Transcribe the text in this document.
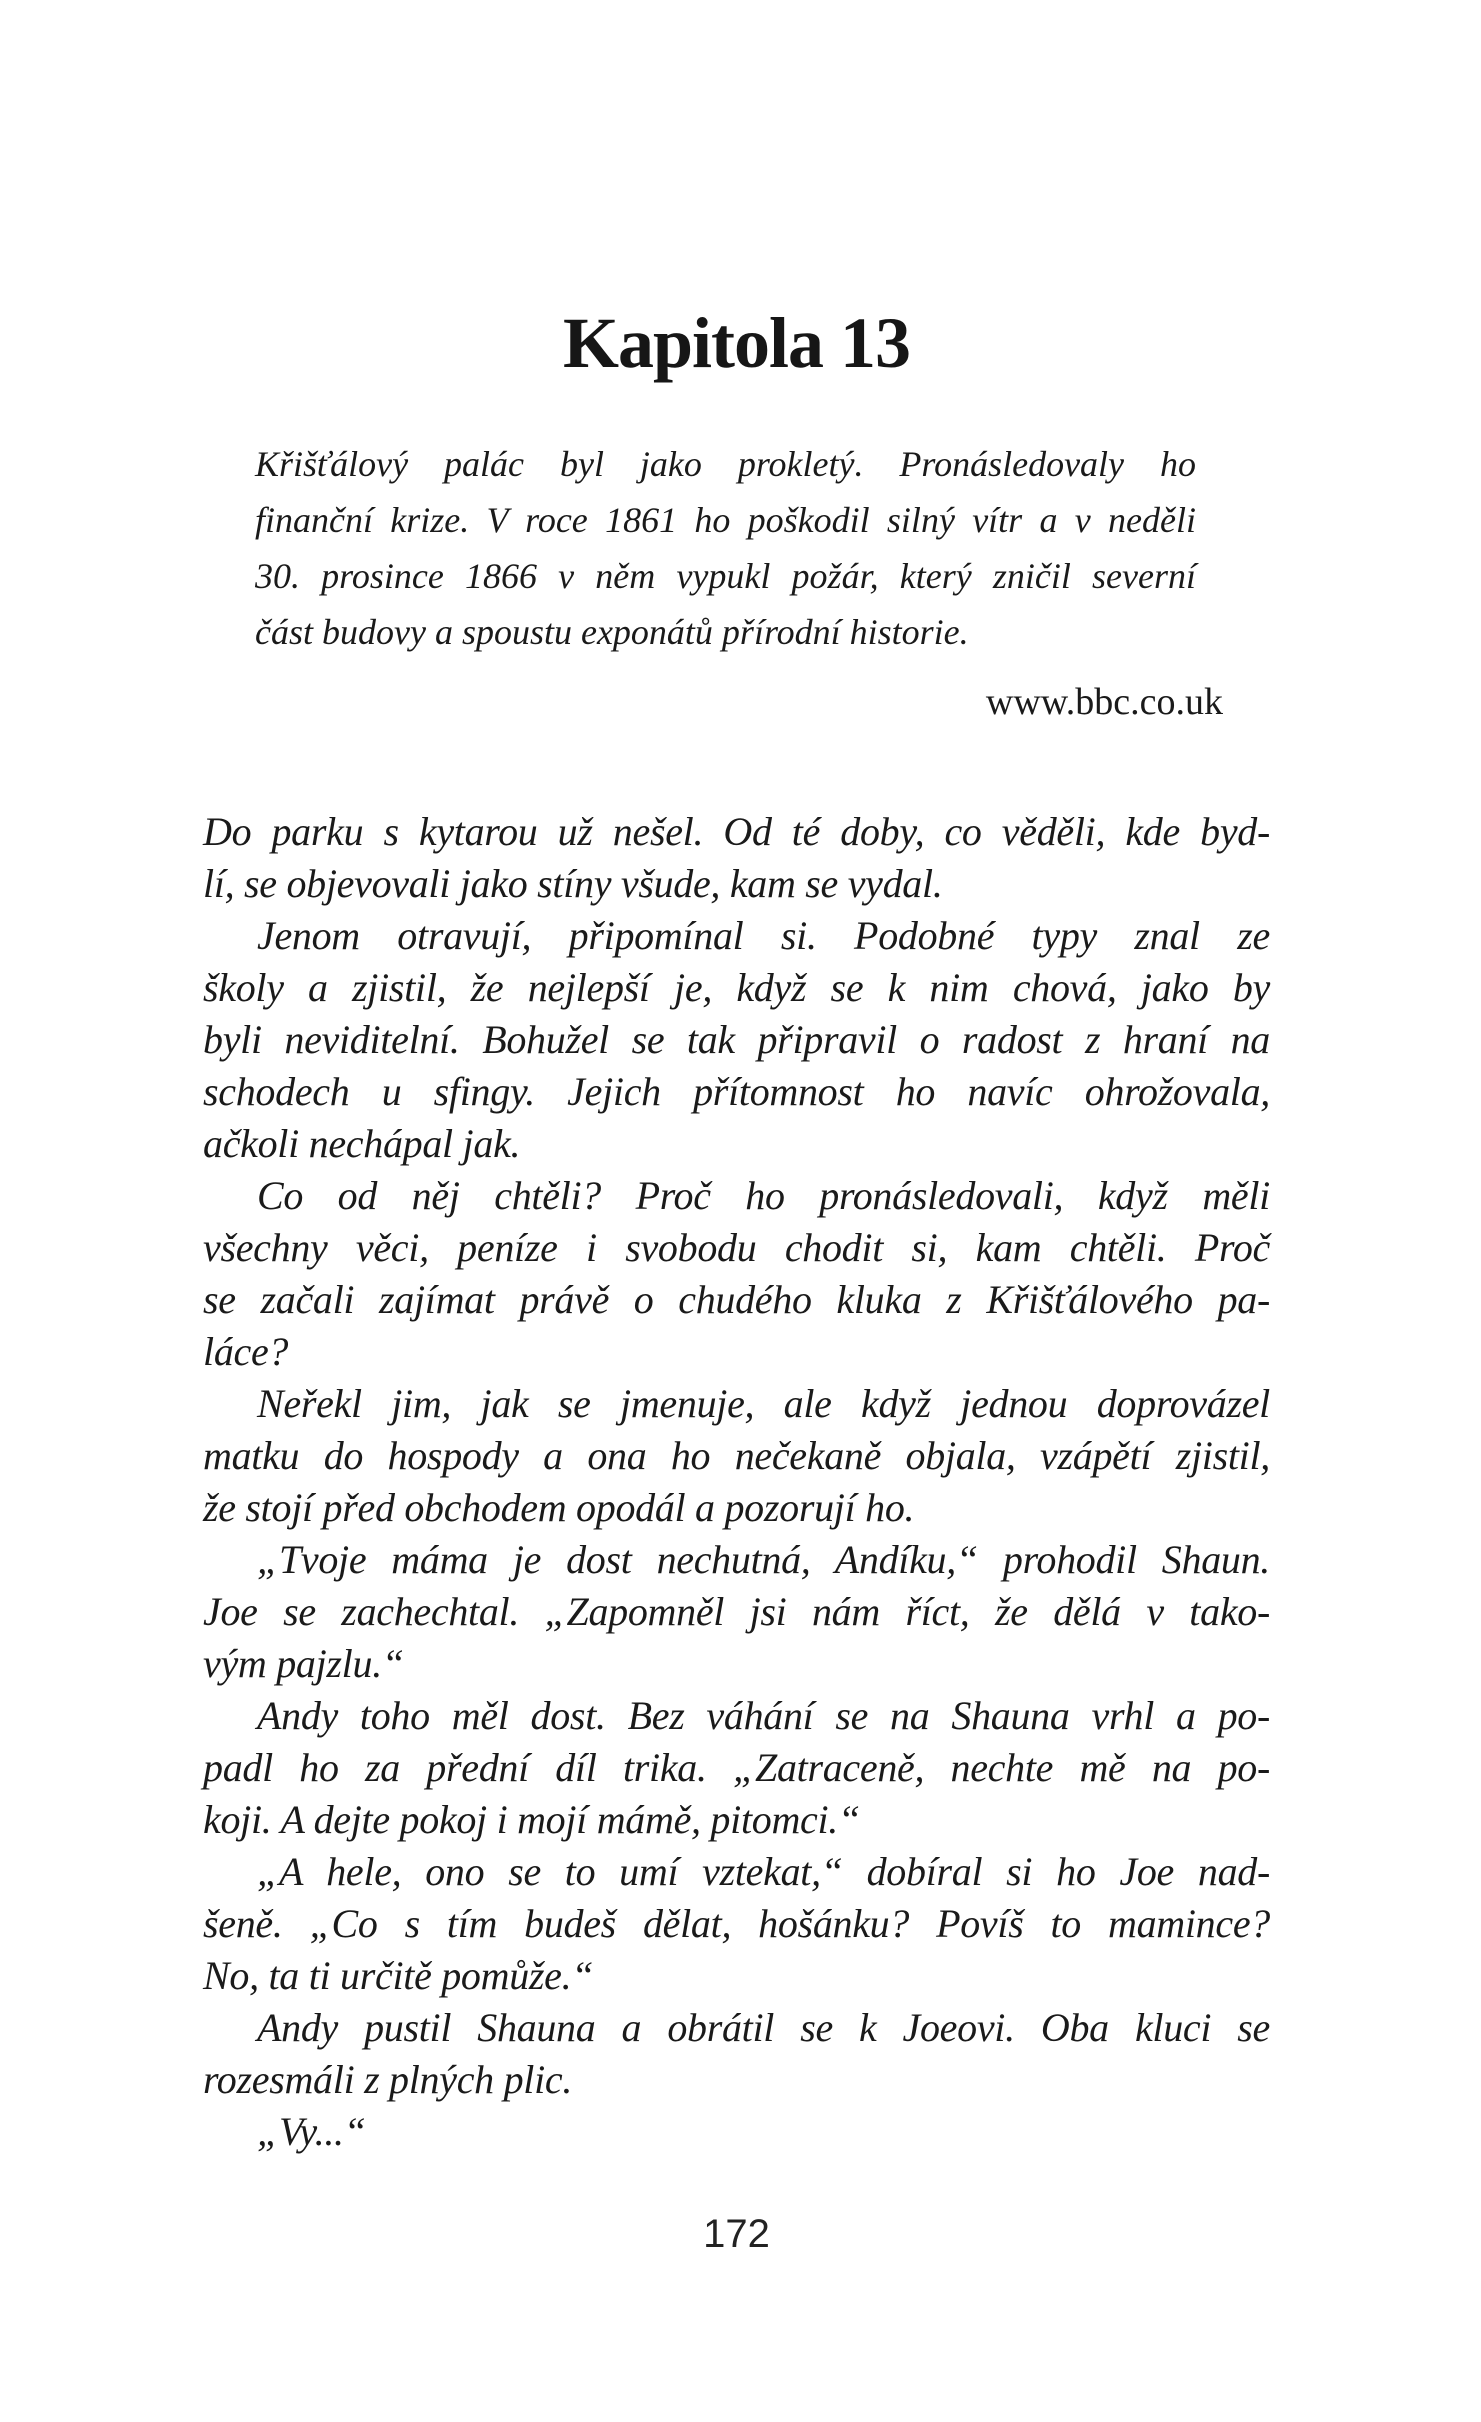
Kapitola 13
Křišťálový palác byl jako prokletý. Pronásledovaly ho
finanční krize. V roce 1861 ho poškodil silný vítr a v neděli
30. prosince 1866 v něm vypukl požár, který zničil severní
část budovy a spoustu exponátů přírodní historie.
www.bbc.co.uk
Do parku s kytarou už nešel. Od té doby, co věděli, kde byd-
lí, se objevovali jako stíny všude, kam se vydal.
Jenom otravují, připomínal si. Podobné typy znal ze
školy a zjistil, že nejlepší je, když se k nim chová, jako by
byli neviditelní. Bohužel se tak připravil o radost z hraní na
schodech u sfingy. Jejich přítomnost ho navíc ohrožovala,
ačkoli nechápal jak.
Co od něj chtěli? Proč ho pronásledovali, když měli
všechny věci, peníze i svobodu chodit si, kam chtěli. Proč
se začali zajímat právě o chudého kluka z Křišťálového pa-
láce?
Neřekl jim, jak se jmenuje, ale když jednou doprovázel
matku do hospody a ona ho nečekaně objala, vzápětí zjistil,
že stojí před obchodem opodál a pozorují ho.
„Tvoje máma je dost nechutná, Andíku,“ prohodil Shaun.
Joe se zachechtal. „Zapomněl jsi nám říct, že dělá v tako-
vým pajzlu.“
Andy toho měl dost. Bez váhání se na Shauna vrhl a po-
padl ho za přední díl trika. „Zatraceně, nechte mě na po-
koji. A dejte pokoj i mojí mámě, pitomci.“
„A hele, ono se to umí vztekat,“ dobíral si ho Joe nad-
šeně. „Co s tím budeš dělat, hošánku? Povíš to mamince?
No, ta ti určitě pomůže.“
Andy pustil Shauna a obrátil se k Joeovi. Oba kluci se
rozesmáli z plných plic.
„Vy...“
172
